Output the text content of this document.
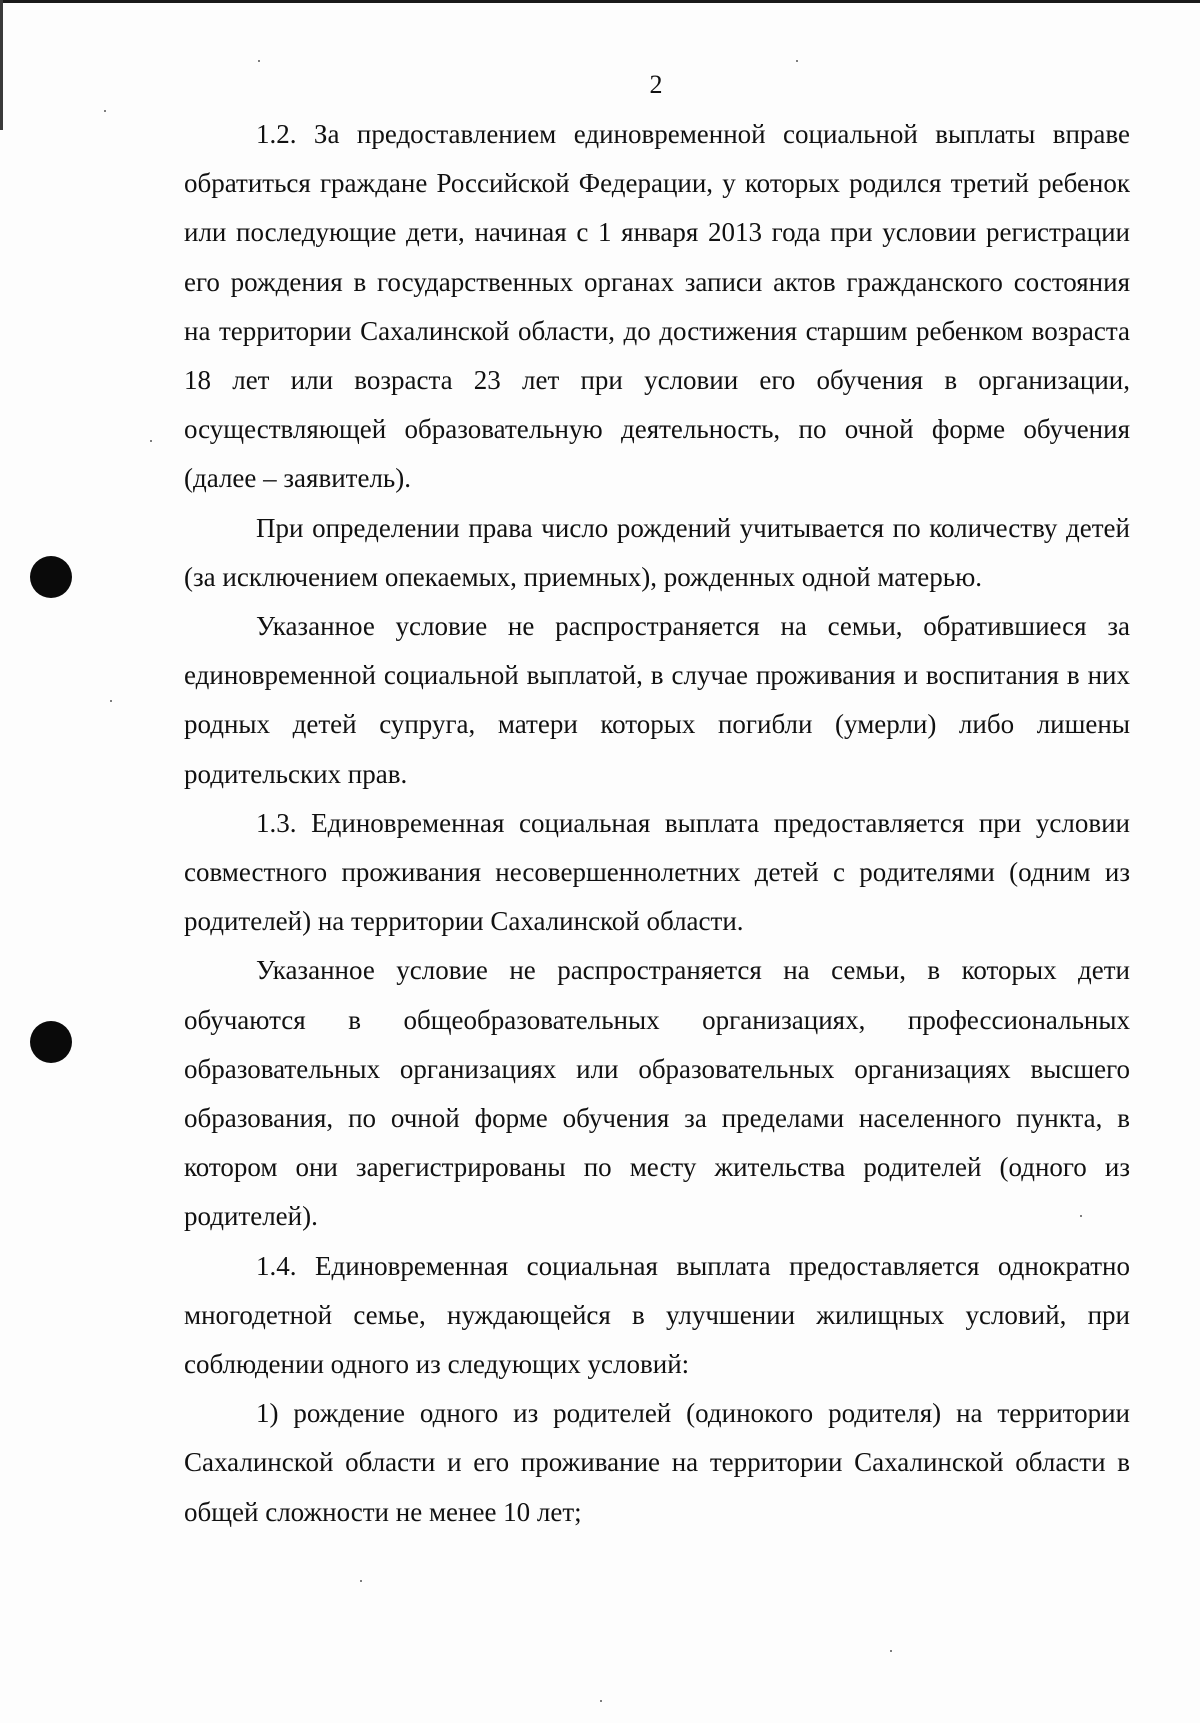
2

1.2. За предоставлением единовременной социальной выплаты вправе обратиться граждане Российской Федерации, у которых родился третий ребенок или последующие дети, начиная с 1 января 2013 года при условии регистрации его рождения в государственных органах записи актов гражданского состояния на территории Сахалинской области, до достижения старшим ребенком возраста 18 лет или возраста 23 лет при условии его обучения в организации, осуществляющей образовательную деятельность, по очной форме обучения (далее – заявитель).

При определении права число рождений учитывается по количеству детей (за исключением опекаемых, приемных), рожденных одной матерью.

Указанное условие не распространяется на семьи, обратившиеся за единовременной социальной выплатой, в случае проживания и воспитания в них родных детей супруга, матери которых погибли (умерли) либо лишены родительских прав.

1.3. Единовременная социальная выплата предоставляется при условии совместного проживания несовершеннолетних детей с родителями (одним из родителей) на территории Сахалинской области.

Указанное условие не распространяется на семьи, в которых дети обучаются в общеобразовательных организациях, профессиональных образовательных организациях или образовательных организациях высшего образования, по очной форме обучения за пределами населенного пункта, в котором они зарегистрированы по месту жительства родителей (одного из родителей).

1.4. Единовременная социальная выплата предоставляется однократно многодетной семье, нуждающейся в улучшении жилищных условий, при соблюдении одного из следующих условий:

1) рождение одного из родителей (одинокого родителя) на территории Сахалинской области и его проживание на территории Сахалинской области в общей сложности не менее 10 лет;
